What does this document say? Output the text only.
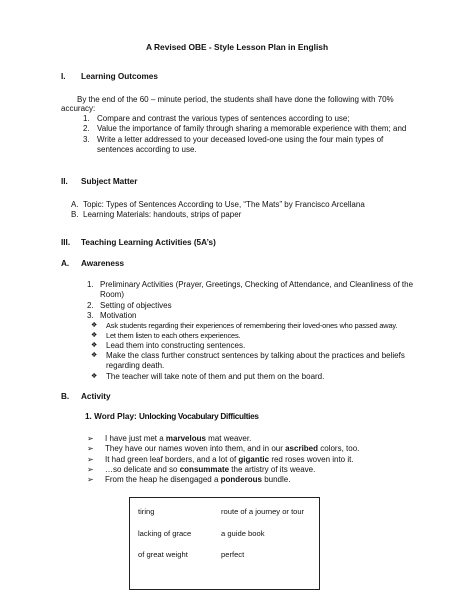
A Revised OBE - Style Lesson Plan in English
I. Learning Outcomes
By the end of the 60 – minute period, the students shall have done the following with 70%
accuracy:
1. Compare and contrast the various types of sentences according to use;
2. Value the importance of family through sharing a memorable experience with them; and
3. Write a letter addressed to your deceased loved-one using the four main types of
sentences according to use.
II. Subject Matter
A. Topic: Types of Sentences According to Use, “The Mats” by Francisco Arcellana
B. Learning Materials: handouts, strips of paper
III. Teaching Learning Activities (5A’s)
A. Awareness
1. Preliminary Activities (Prayer, Greetings, Checking of Attendance, and Cleanliness of the
Room)
2. Setting of objectives
3. Motivation
❖ Ask students regarding their experiences of remembering their loved-ones who passed away.
❖ Let them listen to each others experiences.
❖ Lead them into constructing sentences.
❖ Make the class further construct sentences by talking about the practices and beliefs
regarding death.
❖ The teacher will take note of them and put them on the board.
B. Activity
1. Word Play: Unlocking Vocabulary Difficulties
➢ I have just met a marvelous mat weaver.
➢ They have our names woven into them, and in our ascribed colors, too.
➢ It had green leaf borders, and a lot of gigantic red roses woven into it.
➢ …so delicate and so consummate the artistry of its weave.
➢ From the heap he disengaged a ponderous bundle.
tiring	route of a journey or tour
lacking of grace	a guide book
of great weight	perfect
